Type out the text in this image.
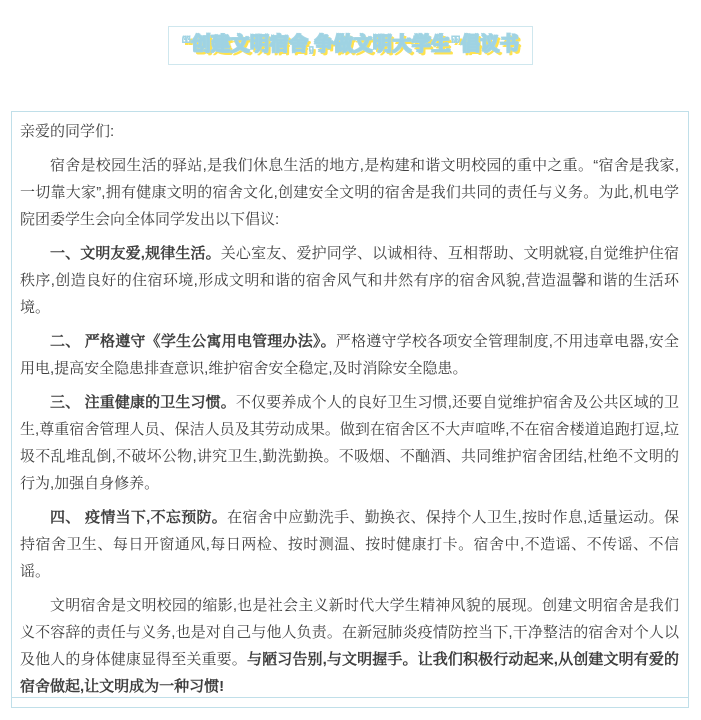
“创建文明宿舍,争做文明大学生”倡议书

亲爱的同学们:

宿舍是校园生活的驿站,是我们休息生活的地方,是构建和谐文明校园的重中之重。“宿舍是我家,一切靠大家”,拥有健康文明的宿舍文化,创建安全文明的宿舍是我们共同的责任与义务。为此,机电学院团委学生会向全体同学发出以下倡议:

一、文明友爱,规律生活。关心室友、爱护同学、以诚相待、互相帮助、文明就寝,自觉维护住宿秩序,创造良好的住宿环境,形成文明和谐的宿舍风气和井然有序的宿舍风貌,营造温馨和谐的生活环境。

二、 严格遵守《学生公寓用电管理办法》。严格遵守学校各项安全管理制度,不用违章电器,安全用电,提高安全隐患排查意识,维护宿舍安全稳定,及时消除安全隐患。

三、 注重健康的卫生习惯。不仅要养成个人的良好卫生习惯,还要自觉维护宿舍及公共区域的卫生,尊重宿舍管理人员、保洁人员及其劳动成果。做到在宿舍区不大声喧哗,不在宿舍楼道追跑打逗,垃圾不乱堆乱倒,不破坏公物,讲究卫生,勤洗勤换。不吸烟、不酗酒、共同维护宿舍团结,杜绝不文明的行为,加强自身修养。

四、 疫情当下,不忘预防。在宿舍中应勤洗手、勤换衣、保持个人卫生,按时作息,适量运动。保持宿舍卫生、每日开窗通风,每日两检、按时测温、按时健康打卡。宿舍中,不造谣、不传谣、不信谣。

文明宿舍是文明校园的缩影,也是社会主义新时代大学生精神风貌的展现。创建文明宿舍是我们义不容辞的责任与义务,也是对自己与他人负责。在新冠肺炎疫情防控当下,干净整洁的宿舍对个人以及他人的身体健康显得至关重要。与陋习告别,与文明握手。让我们积极行动起来,从创建文明有爱的宿舍做起,让文明成为一种习惯!
